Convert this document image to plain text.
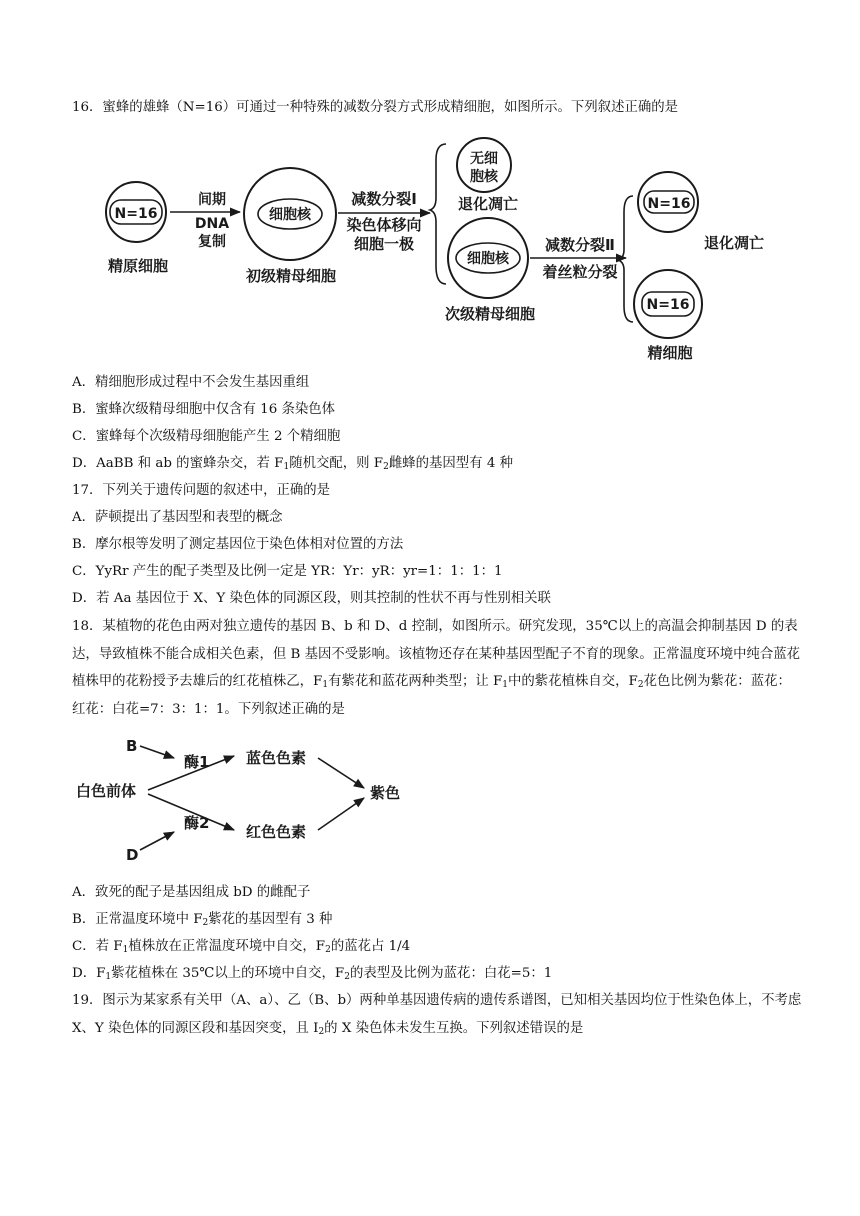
16．蜜蜂的雄蜂（N=16）可通过一种特殊的减数分裂方式形成精细胞，如图所示。下列叙述正确的是
N=16
精原细胞
间期
DNA
复制
细胞核
初级精母细胞
减数分裂Ⅰ
染色体移向
细胞一极
无细
胞核
退化凋亡
细胞核
次级精母细胞
减数分裂Ⅱ
着丝粒分裂
N=16
退化凋亡
N=16
精细胞
A．精细胞形成过程中不会发生基因重组
B．蜜蜂次级精母细胞中仅含有 16 条染色体
C．蜜蜂每个次级精母细胞能产生 2 个精细胞
D．AaBB 和 ab 的蜜蜂杂交，若 $F_1$随机交配，则 $F_2$雌蜂的基因型有 4 种
17．下列关于遗传问题的叙述中，正确的是
A．萨顿提出了基因型和表型的概念
B．摩尔根等发明了测定基因位于染色体相对位置的方法
C．YyRr 产生的配子类型及比例一定是 YR：Yr：yR：yr=1：1：1：1
D．若 Aa 基因位于 X、Y 染色体的同源区段，则其控制的性状不再与性别相关联
18．某植物的花色由两对独立遗传的基因 B、b 和 D、d 控制，如图所示。研究发现，35℃以上的高温会抑制基因 D 的表达，导致植株不能合成相关色素，但 B 基因不受影响。该植物还存在某种基因型配子不育的现象。正常温度环境中纯合蓝花植株甲的花粉授予去雄后的红花植株乙，$F_1$有紫花和蓝花两种类型；让 $F_1$中的紫花植株自交，$F_2$花色比例为紫花：蓝花：红花：白花=7：3：1：1。下列叙述正确的是
B
酶1 蓝色色素
白色前体	紫色
酶2 红色色素
D
A．致死的配子是基因组成 bD 的雌配子
B．正常温度环境中 $F_2$紫花的基因型有 3 种
C．若 $F_1$植株放在正常温度环境中自交，$F_2$的蓝花占 1/4
D．$F_1$紫花植株在 35℃以上的环境中自交，$F_2$的表型及比例为蓝花：白花=5：1
19．图示为某家系有关甲（A、a）、乙（B、b）两种单基因遗传病的遗传系谱图，已知相关基因均位于性染色体上，不考虑 X、Y 染色体的同源区段和基因突变，且 $I_2$的 X 染色体未发生互换。下列叙述错误的是
